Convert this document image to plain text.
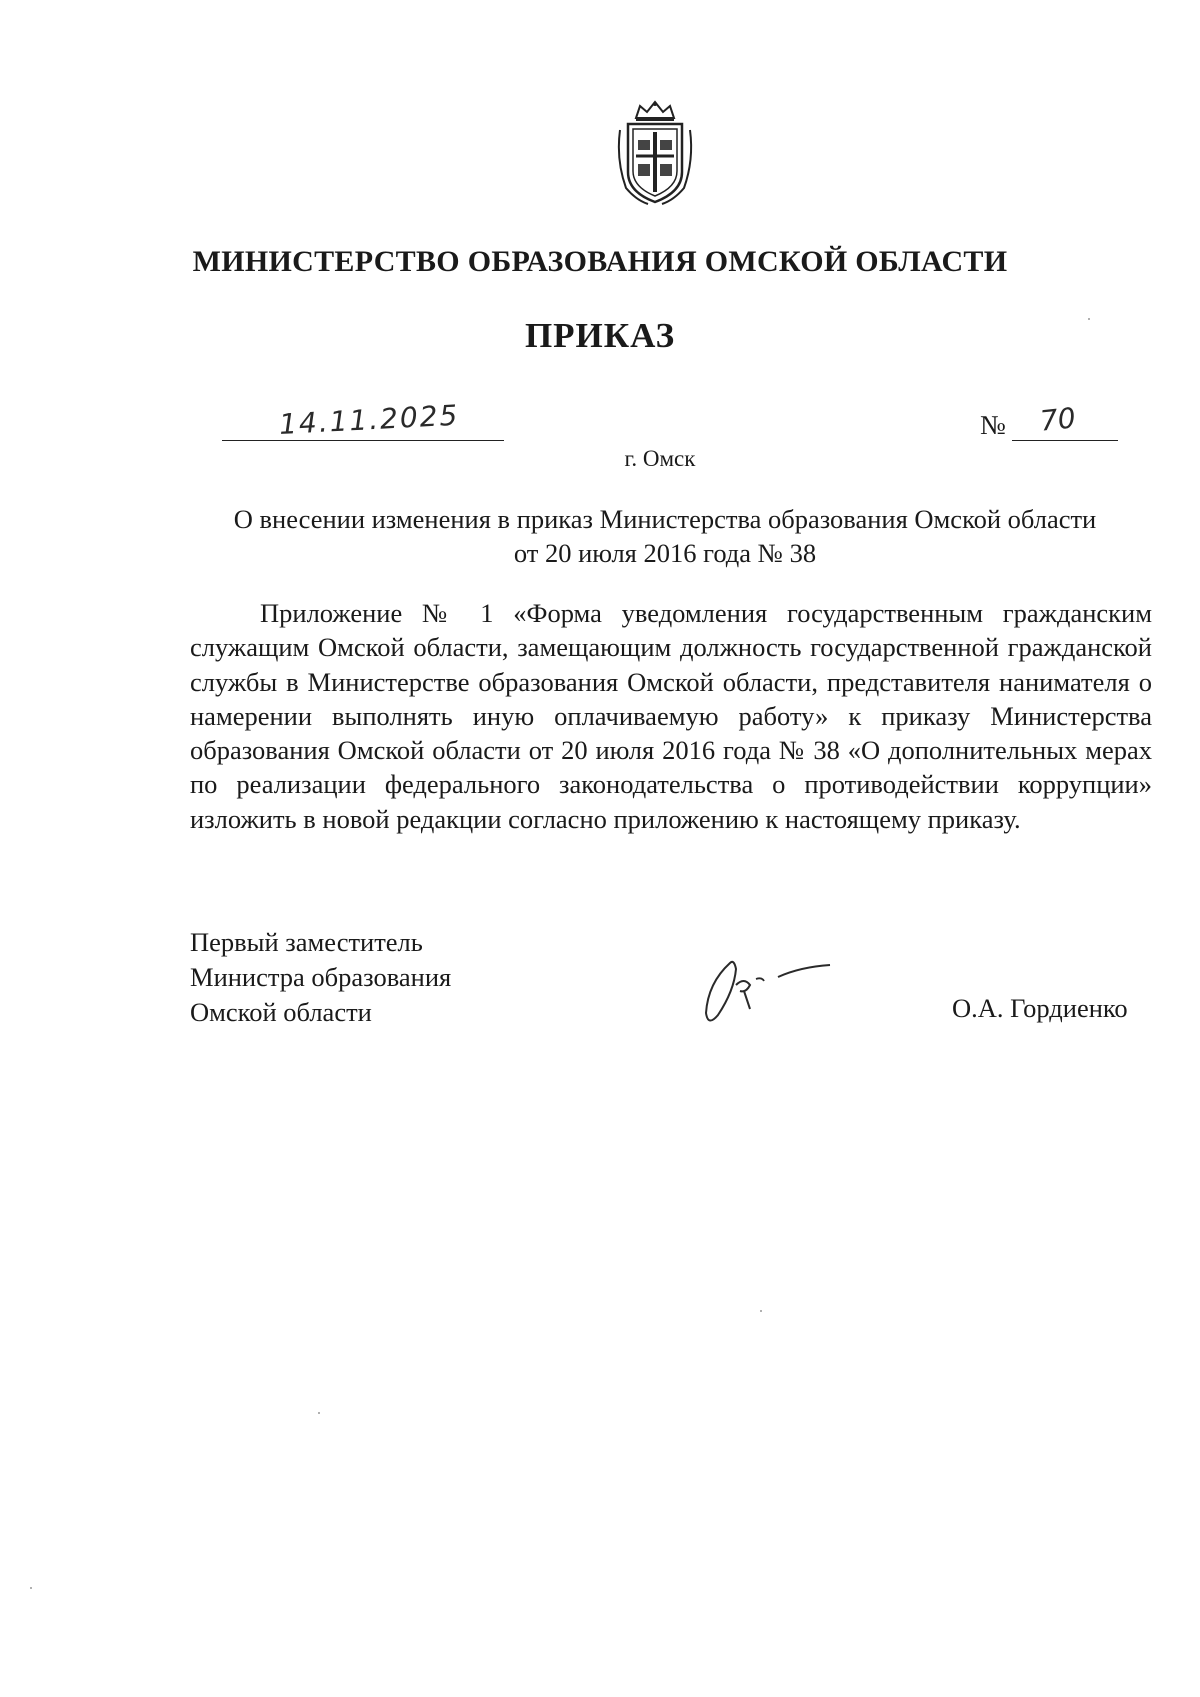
МИНИСТЕРСТВО ОБРАЗОВАНИЯ ОМСКОЙ ОБЛАСТИ
ПРИКАЗ
14.11.2025	№ 70
г. Омск
О внесении изменения в приказ Министерства образования Омской области
от 20 июля 2016 года № 38
Приложение № 1 «Форма уведомления государственным гражданским служащим Омской области, замещающим должность государственной гражданской службы в Министерстве образования Омской области, представителя нанимателя о намерении выполнять иную оплачиваемую работу» к приказу Министерства образования Омской области от 20 июля 2016 года № 38 «О дополнительных мерах по реализации федерального законодательства о противодействии коррупции» изложить в новой редакции согласно приложению к настоящему приказу.
Первый заместитель
Министра образования
Омской области	О.А. Гордиенко
